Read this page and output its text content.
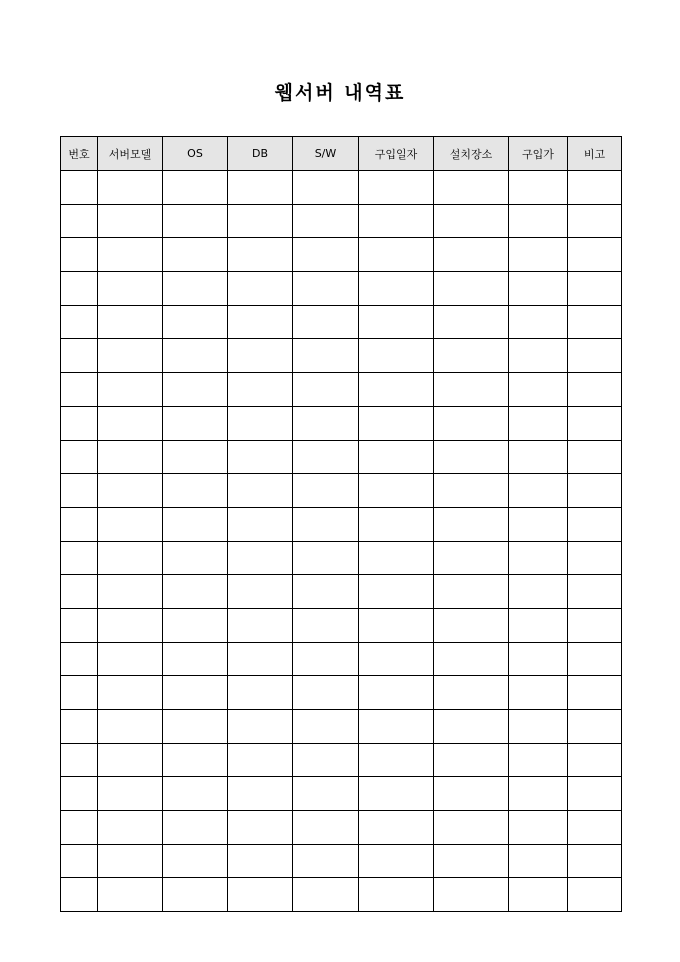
웹서버 내역표
번호	서버모델	OS	DB	S/W	구입일자	설치장소	구입가	비고
